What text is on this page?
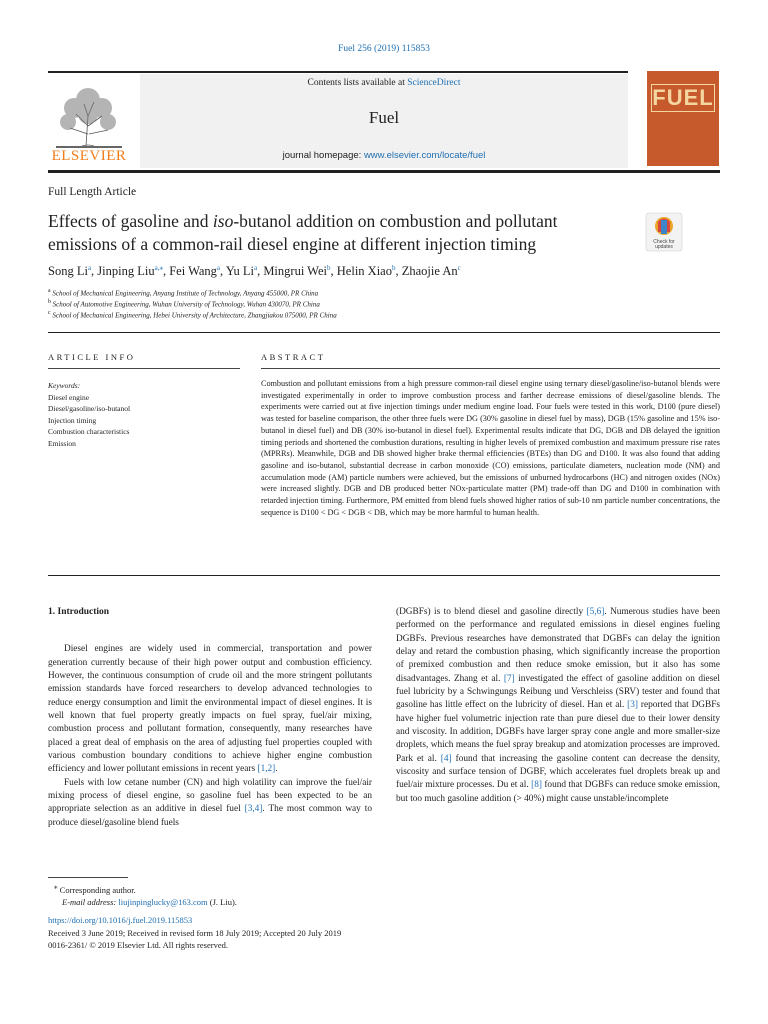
Fuel 256 (2019) 115853
Contents lists available at ScienceDirect
Fuel
journal homepage: www.elsevier.com/locate/fuel
ELSEVIER
FUEL
Full Length Article
Effects of gasoline and iso-butanol addition on combustion and pollutant emissions of a common-rail diesel engine at different injection timing	Check for
updates
Song Li$^a$, Jinping Liu$^{a,⁎}$, Fei Wang$^a$, Yu Li$^a$, Mingrui Wei$^b$, Helin Xiao$^b$, Zhaojie An$^c$
$^a$ School of Mechanical Engineering, Anyang Institute of Technology, Anyang 455000, PR China
$^b$ School of Automotive Engineering, Wuhan University of Technology, Wuhan 430070, PR China
$^c$ School of Mechanical Engineering, Hebei University of Architecture, Zhangjiakou 075000, PR China
ARTICLE INFO	ABSTRACT
Keywords:
Diesel engine
Diesel/gasoline/iso-butanol
Injection timing
Combustion characteristics
Emission
Combustion and pollutant emissions from a high pressure common-rail diesel engine using ternary diesel/gasoline/iso-butanol blends were investigated experimentally in order to improve combustion process and farther decrease emissions of diesel/gasoline blends. The experiments were carried out at five injection timings under medium engine load. Four fuels were tested in this work, D100 (pure diesel) was tested for baseline comparison, the other three fuels were DG (30% gasoline in diesel fuel by mass), DGB (15% gasoline and 15% iso-butanol in diesel fuel) and DB (30% iso-butanol in diesel fuel). Experimental results indicate that DG, DGB and DB delayed the ignition timing periods and shortened the combustion durations, resulting in higher levels of premixed combustion and maximum pressure rise rates (MPRRs). Meanwhile, DGB and DB showed higher brake thermal efficiencies (BTEs) than DG and D100. It was also found that adding gasoline and iso-butanol, substantial decrease in carbon monoxide (CO) emissions, particulate diameters, nucleation mode (NM) and accumulation mode (AM) particle numbers were achieved, but the emissions of unburned hydrocarbons (HC) and nitrogen oxides (NOx) were increased slightly. DGB and DB produced better NOx-particulate matter (PM) trade-off than DG and D100 in combination with retarded injection timing. Furthermore, PM emitted from blend fuels showed higher ratios of sub-10 nm particle number concentrations, the sequence is D100 < DG < DGB < DB, which may be more harmful to human health.

1. Introduction

Diesel engines are widely used in commercial, transportation and power generation currently because of their high power output and combustion efficiency. However, the continuous consumption of crude oil and the more stringent pollutants emission standards have forced researchers to develop advanced technologies to reduce energy consumption and limit the environmental impact of diesel engines. It is well known that fuel property greatly impacts on fuel spray, fuel/air mixing, combustion process and pollutant formation, consequently, many researches have placed a great deal of emphasis on the area of adjusting fuel properties coupled with various combustion boundary conditions to achieve higher engine combustion efficiency and lower pollutant emissions in recent years [1,2].

Fuels with low cetane number (CN) and high volatility can improve the fuel/air mixing process of diesel engine, so gasoline fuel has been expected to be an appropriate selection as an additive in diesel fuel [3,4]. The most common way to produce diesel/gasoline blend fuels

(DGBFs) is to blend diesel and gasoline directly [5,6]. Numerous studies have been performed on the performance and regulated emissions in diesel engines fueling DGBFs. Previous researches have demonstrated that DGBFs can delay the ignition delay and retard the combustion phasing, which significantly increase the proportion of premixed combustion and then reduce smoke emission, but it also has some disadvantages. Zhang et al. [7] investigated the effect of gasoline addition on diesel fuel lubricity by a Schwingungs Reibung und Verschleiss (SRV) tester and found that gasoline has little effect on the lubricity of diesel. Han et al. [3] reported that DGBFs have higher fuel volumetric injection rate than pure diesel due to their lower density and viscosity. In addition, DGBFs have larger spray cone angle and more smaller-size droplets, which means the fuel spray breakup and atomization processes are improved. Park et al. [4] found that increasing the gasoline content can decrease the density, viscosity and surface tension of DGBF, which accelerates fuel droplets break up and fuel/air mixture processes. Du et al. [8] found that DGBFs can reduce smoke emission, but too much gasoline addition (> 40%) might cause unstable/incomplete

⁎ Corresponding author.
E-mail address: liujinpinglucky@163.com (J. Liu).
https://doi.org/10.1016/j.fuel.2019.115853
Received 3 June 2019; Received in revised form 18 July 2019; Accepted 20 July 2019
0016-2361/ © 2019 Elsevier Ltd. All rights reserved.
